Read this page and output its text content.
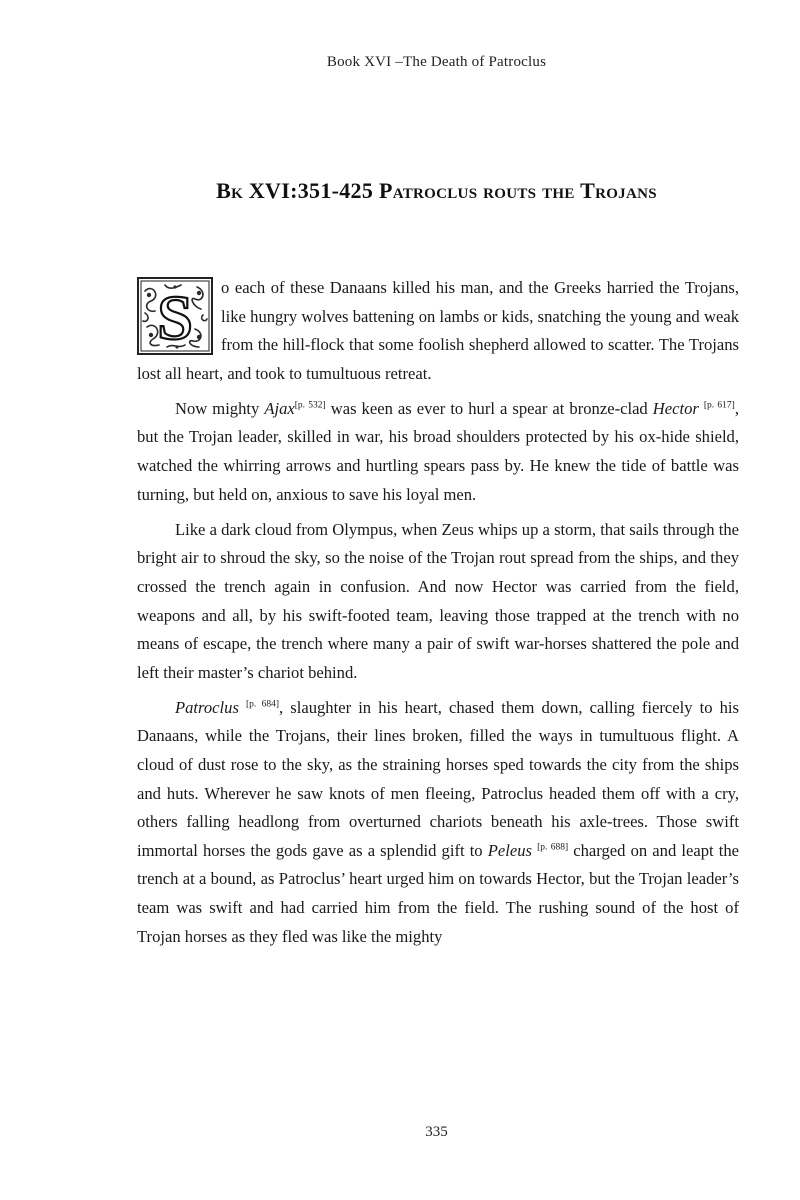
Book XVI –The Death of Patroclus
Bk XVI:351-425 Patroclus routs the Trojans

S o each of these Danaans killed his man, and the Greeks harried the Trojans, like hungry wolves battening on lambs or kids, snatching the young and weak from the hill-flock that some foolish shepherd allowed to scatter. The Trojans lost all heart, and took to tumultuous retreat.

Now mighty Ajax[p. 532] was keen as ever to hurl a spear at bronze-clad Hector [p. 617], but the Trojan leader, skilled in war, his broad shoulders protected by his ox-hide shield, watched the whirring arrows and hurtling spears pass by. He knew the tide of battle was turning, but held on, anxious to save his loyal men.

Like a dark cloud from Olympus, when Zeus whips up a storm, that sails through the bright air to shroud the sky, so the noise of the Trojan rout spread from the ships, and they crossed the trench again in confusion. And now Hector was carried from the field, weapons and all, by his swift-footed team, leaving those trapped at the trench with no means of escape, the trench where many a pair of swift war-horses shattered the pole and left their master’s chariot behind.

Patroclus [p. 684], slaughter in his heart, chased them down, calling fiercely to his Danaans, while the Trojans, their lines broken, filled the ways in tumultuous flight. A cloud of dust rose to the sky, as the straining horses sped towards the city from the ships and huts. Wherever he saw knots of men fleeing, Patroclus headed them off with a cry, others falling headlong from overturned chariots beneath his axle-trees. Those swift immortal horses the gods gave as a splendid gift to Peleus [p. 688] charged on and leapt the trench at a bound, as Patroclus’ heart urged him on towards Hector, but the Trojan leader’s team was swift and had carried him from the field. The rushing sound of the host of Trojan horses as they fled was like the mighty

335
